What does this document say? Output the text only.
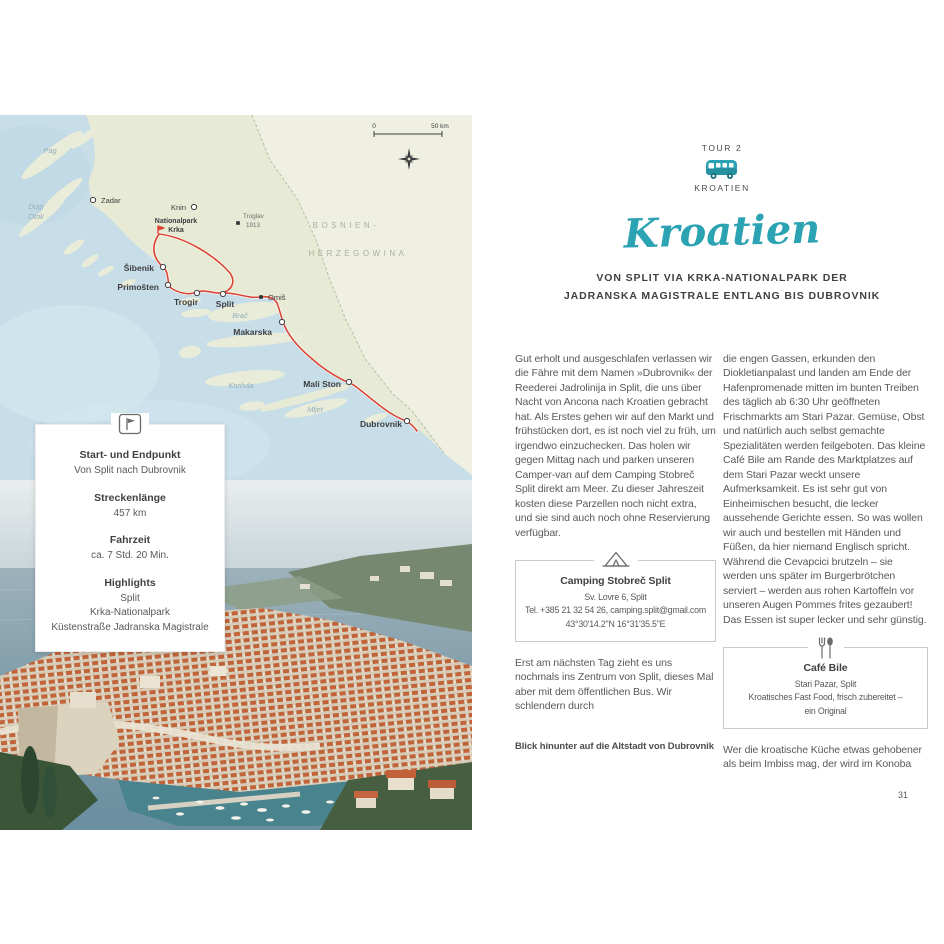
0	50 km
Pag
Dugi
Otok
Zadar
Knin
Nationalpark
Krka
Šibenik
Primošten
Trogir Split
Omiš
Troglav
1913
Makarska
Brač
Korčula	Mali Ston
Mljet
Dubrovnik
BOSNIEN-
HERZEGOWINA
Start- und Endpunkt
Von Split nach Dubrovnik
Streckenlänge
457 km
Fahrzeit
ca. 7 Std. 20 Min.
Highlights
Split
Krka-Nationalpark
Küstenstraße Jadranska Magistrale
TOUR 2
KROATIEN
Kroatien
VON SPLIT VIA KRKA-NATIONALPARK DER
JADRANSKA MAGISTRALE ENTLANG BIS DUBROVNIK

Gut erholt und ausgeschlafen verlassen wir die Fähre mit dem Namen »Dubrovnik« der Reederei Jadrolinija in Split, die uns über Nacht von Ancona nach Kroatien gebracht hat. Als Erstes gehen wir auf den Markt und frühstücken dort, es ist noch viel zu früh, um irgendwo einzuchecken. Das holen wir gegen Mittag nach und parken unseren Camper-van auf dem Camping Stobreč Split direkt am Meer. Zu dieser Jahreszeit kosten diese Parzellen noch nicht extra, und sie sind auch noch ohne Reservierung verfügbar.

Camping Stobreč Split
Sv. Lovre 6, Split
Tel. +385 21 32 54 26, camping.split@gmail.com
43°30'14.2"N 16°31'35.5"E

Erst am nächsten Tag zieht es uns nochmals ins Zentrum von Split, dieses Mal aber mit dem öffentlichen Bus. Wir schlendern durch

die engen Gassen, erkunden den Diokletianpalast und landen am Ende der Hafenpromenade mitten im bunten Treiben des täglich ab 6:30 Uhr geöffneten Frischmarkts am Stari Pazar. Gemüse, Obst und natürlich auch selbst gemachte Spezialitäten werden feilgeboten. Das kleine Café Bile am Rande des Marktplatzes auf dem Stari Pazar weckt unsere Aufmerksamkeit. Es ist sehr gut von Einheimischen besucht, die lecker aussehende Gerichte essen. So was wollen wir auch und bestellen mit Händen und Füßen, da hier niemand Englisch spricht. Während die Cevapcici brutzeln – sie werden uns später im Burgerbrötchen serviert – werden aus rohen Kartoffeln vor unseren Augen Pommes frites gezaubert! Das Essen ist super lecker und sehr günstig.

Café Bile
Stari Pazar, Split
Kroatisches Fast Food, frisch zubereitet –
ein Original

Wer die kroatische Küche etwas gehobener als beim Imbiss mag, der wird im Konoba

Blick hinunter auf die Altstadt von Dubrovnik
31
